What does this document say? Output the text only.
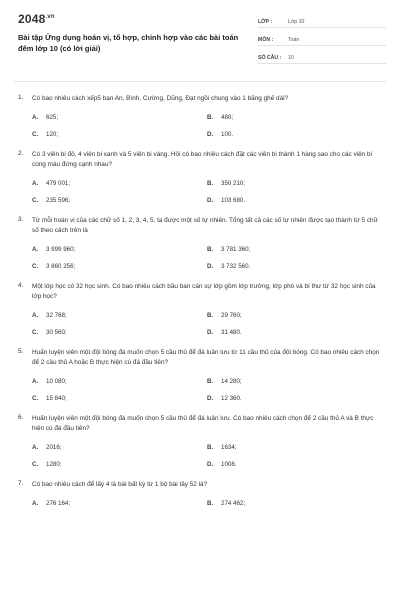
$2048^{.vn}$
Bài tập Ứng dụng hoán vị, tổ hợp, chỉnh hợp vào các bài toán đếm lớp 10 (có lời giải)
LỚP :	Lớp 10
MÔN :	Toán
SỐ CÂU :	10
1.	Có bao nhiêu cách xếp5 bạn An, Bình, Cường, Dũng, Đạt ngồi chung vào 1 băng ghế dài?

A.	625;	B.	480;
C.	120;	D.	100.
2.	Có 3 viên bi đỏ, 4 viên bi xanh và 5 viên bi vàng. Hỏi có bao nhiêu cách đặt các viên bi thành 1 hàng sao cho các viên bi cùng màu đứng cạnh nhau?

A.	479 001;	B.	350 210;
C.	235 596;	D.	103 680.
3.	Từ mỗi hoán vị của các chữ số 1, 2, 3, 4, 5, ta được một số tự nhiên. Tổng tất cả các số tự nhiên được tạo thành từ 5 chữ số theo cách trên là

A.	3 999 960;	B.	3 781 360;
C.	3 860 256;	D.	3 732 560.
4.	Một lớp học có 32 học sinh. Có bao nhiêu cách bầu ban cán sự lớp gồm lớp trưởng, lớp phó và bí thư từ 32 học sinh của lớp học?

A.	32 768;	B.	29 760;
C.	30 560;	D.	31 480.
5.	Huấn luyện viên một đội bóng đá muốn chọn 5 cầu thủ để đá luân lưu từ 11 cầu thủ của đội bóng. Có bao nhiêu cách chọn để 2 cầu thủ A hoặc B thực hiện cú đá đầu tiên?

A.	10 080;	B.	14 280;
C.	15 840;	D.	12 360.
6.	Huấn luyện viên một đội bóng đá muốn chọn 5 cầu thủ để đá luân lưu. Có bao nhiêu cách chọn để 2 cầu thủ A và B thực hiện cú đá đầu tiên?

A.	2016;	B.	1634;
C.	1280;	D.	1008.
7.	Có bao nhiêu cách để lấy 4 lá bài bất kỳ từ 1 bộ bài tây 52 lá?

A.	276 164;	B.	274 462;
